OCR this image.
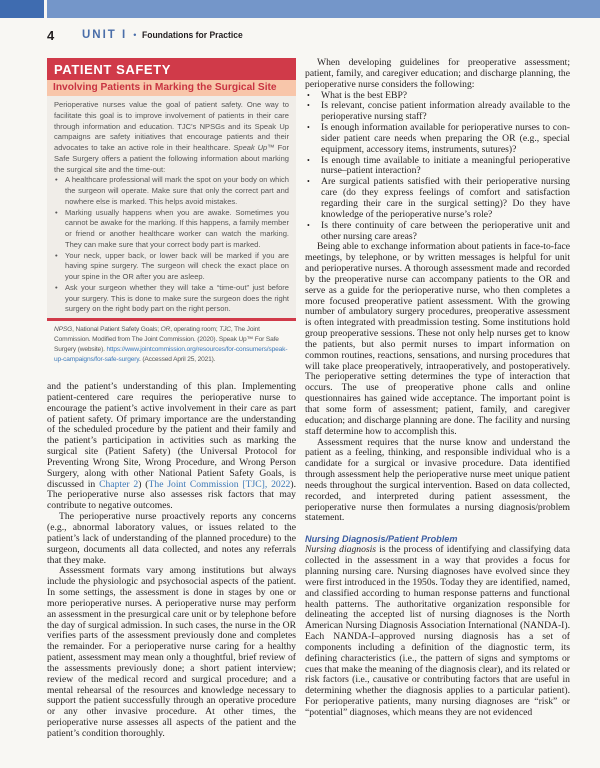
4	UNIT I • Foundations for Practice
PATIENT SAFETY
Involving Patients in Marking the Surgical Site
Perioperative nurses value the goal of patient safety. One way to facilitate this goal is to improve involvement of patients in their care through information and education. TJC's NPSGs and its Speak Up campaigns are safety initiatives that encourage patients and their advocates to take an active role in their healthcare. Speak Up™ For Safe Surgery offers a patient the following information about marking the surgical site and the time-out:
• A healthcare professional will mark the spot on your body on which the surgeon will operate. Make sure that only the correct part and nowhere else is marked. This helps avoid mistakes.
• Marking usually happens when you are awake. Sometimes you cannot be awake for the marking. If this happens, a family member or friend or another healthcare worker can watch the marking. They can make sure that your correct body part is marked.
• Your neck, upper back, or lower back will be marked if you are having spine surgery. The surgeon will check the exact place on your spine in the OR after you are asleep.
• Ask your surgeon whether they will take a “time-out” just before your surgery. This is done to make sure the surgeon does the right surgery on the right body part on the right person.
NPSG, National Patient Safety Goals; OR, operating room; TJC, The Joint Commission. Modified from The Joint Commission. (2020). Speak Up™ For Safe Surgery (website). https://www.jointcommission.org/resources/for-consumers/speak-up-campaigns/for-safe-surgery. (Accessed April 25, 2021).

and the patient’s understanding of this plan. Implementing patient-centered care requires the perioperative nurse to encourage the patient’s active involvement in their care as part of patient safety. Of primary importance are the understanding of the scheduled procedure by the patient and their family and the patient’s participation in activities such as marking the surgical site (Patient Safety) (the Universal Protocol for Preventing Wrong Site, Wrong Procedure, and Wrong Person Surgery, along with other National Patient Safety Goals, is discussed in Chapter 2) (The Joint Commission [TJC], 2022). The perioperative nurse also assesses risk factors that may contribute to negative outcomes.

The perioperative nurse proactively reports any concerns (e.g., abnormal laboratory values, or issues related to the patient’s lack of understanding of the planned procedure) to the surgeon, documents all data collected, and notes any referrals that they make.

Assessment formats vary among institutions but always include the physiologic and psychosocial aspects of the patient. In some settings, the assessment is done in stages by one or more perioperative nurses. A perioperative nurse may perform an assessment in the presurgical care unit or by telephone before the day of surgical admission. In such cases, the nurse in the OR verifies parts of the assessment previously done and completes the remainder. For a perioperative nurse caring for a healthy patient, assessment may mean only a thoughtful, brief review of the assessments previously done; a short patient interview; review of the medical record and surgical procedure; and a mental rehearsal of the resources and knowledge necessary to support the patient successfully through an operative procedure or any other invasive procedure. At other times, the perioperative nurse assesses all aspects of the patient and the patient’s condition thoroughly.

When developing guidelines for preoperative assessment; patient, family, and caregiver education; and discharge planning, the perioperative nurse considers the following:

• What is the best EBP?
• Is relevant, concise patient information already available to the perioperative nursing staff?
• Is enough information available for perioperative nurses to consider patient care needs when preparing the OR (e.g., special equipment, accessory items, instruments, sutures)?
• Is enough time available to initiate a meaningful perioperative nurse–patient interaction?
• Are surgical patients satisfied with their perioperative nursing care (do they express feelings of comfort and satisfaction regarding their care in the surgical setting)? Do they have knowledge of the perioperative nurse’s role?
• Is there continuity of care between the perioperative unit and other nursing care areas?

Being able to exchange information about patients in face-to-face meetings, by telephone, or by written messages is helpful for unit and perioperative nurses. A thorough assessment made and recorded by the preoperative nurse can accompany patients to the OR and serve as a guide for the perioperative nurse, who then completes a more focused preoperative patient assessment. With the growing number of ambulatory surgery procedures, preoperative assessment is often integrated with preadmission testing. Some institutions hold group preoperative sessions. These not only help nurses get to know the patients, but also permit nurses to impart information on common routines, reactions, sensations, and nursing procedures that will take place preoperatively, intraoperatively, and postoperatively. The perioperative setting determines the type of interaction that occurs. The use of preoperative phone calls and online questionnaires has gained wide acceptance. The important point is that some form of assessment; patient, family, and caregiver education; and discharge planning are done. The facility and nursing staff determine how to accomplish this.

Assessment requires that the nurse know and understand the patient as a feeling, thinking, and responsible individual who is a candidate for a surgical or invasive procedure. Data identified through assessment help the perioperative nurse meet unique patient needs throughout the surgical intervention. Based on data collected, recorded, and interpreted during patient assessment, the perioperative nurse then formulates a nursing diagnosis/problem statement.

Nursing Diagnosis/Patient Problem

Nursing diagnosis is the process of identifying and classifying data collected in the assessment in a way that provides a focus for planning nursing care. Nursing diagnoses have evolved since they were first introduced in the 1950s. Today they are identified, named, and classified according to human response patterns and functional health patterns. The authoritative organization responsible for delineating the accepted list of nursing diagnoses is the North American Nursing Diagnosis Association International (NANDA-I). Each NANDA-I–approved nursing diagnosis has a set of components including a definition of the diagnostic term, its defining characteristics (i.e., the pattern of signs and symptoms or cues that make the meaning of the diagnosis clear), and its related or risk factors (i.e., causative or contributing factors that are useful in determining whether the diagnosis applies to a particular patient). For perioperative patients, many nursing diagnoses are “risk” or “potential” diagnoses, which means they are not evidenced
